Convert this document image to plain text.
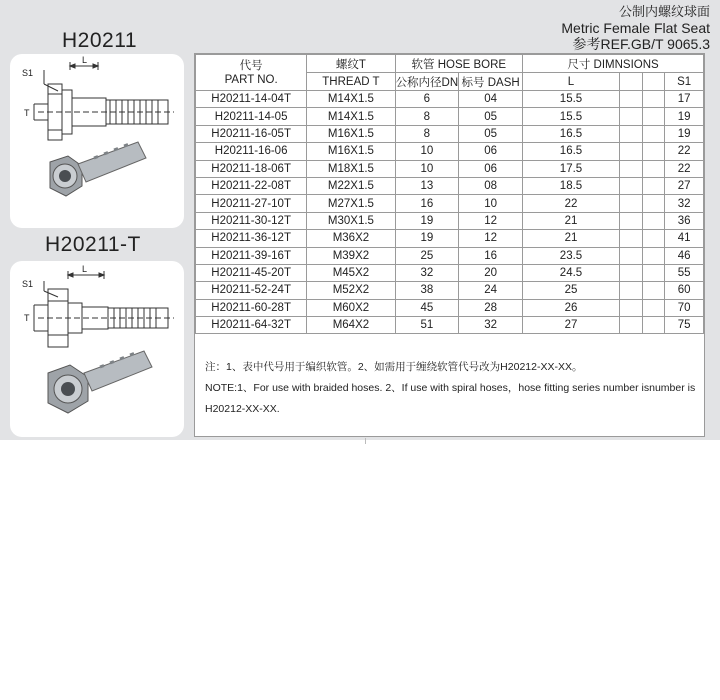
公制内螺纹球面
Metric Female Flat Seat
参考REF.GB/T 9065.3
H20211
H20211-T
S1
L
T
S1
L
T
代号
PART NO.	螺纹T	软管 HOSE BORE		尺寸 DIMNSIONS			
	THREAD T	公称内径DN	标号 DASH	L			S1
H20211-14-04T	M14X1.5	6	04	15.5			17
H20211-14-05	M14X1.5	8	05	15.5			19
H20211-16-05T	M16X1.5	8	05	16.5			19
H20211-16-06	M16X1.5	10	06	16.5			22
H20211-18-06T	M18X1.5	10	06	17.5			22
H20211-22-08T	M22X1.5	13	08	18.5			27
H20211-27-10T	M27X1.5	16	10	22			32
H20211-30-12T	M30X1.5	19	12	21			36
H20211-36-12T	M36X2	19	12	21			41
H20211-39-16T	M39X2	25	16	23.5			46
H20211-45-20T	M45X2	32	20	24.5			55
H20211-52-24T	M52X2	38	24	25			60
H20211-60-28T	M60X2	45	28	26			70
H20211-64-32T	M64X2	51	32	27			75
注：1、表中代号用于编织软管。2、如需用于缠绕软管代号改为H20212-XX-XX。
NOTE:1、For use with braided hoses. 2、If use with spiral hoses，hose fitting series number isnumber is
H20212-XX-XX.
